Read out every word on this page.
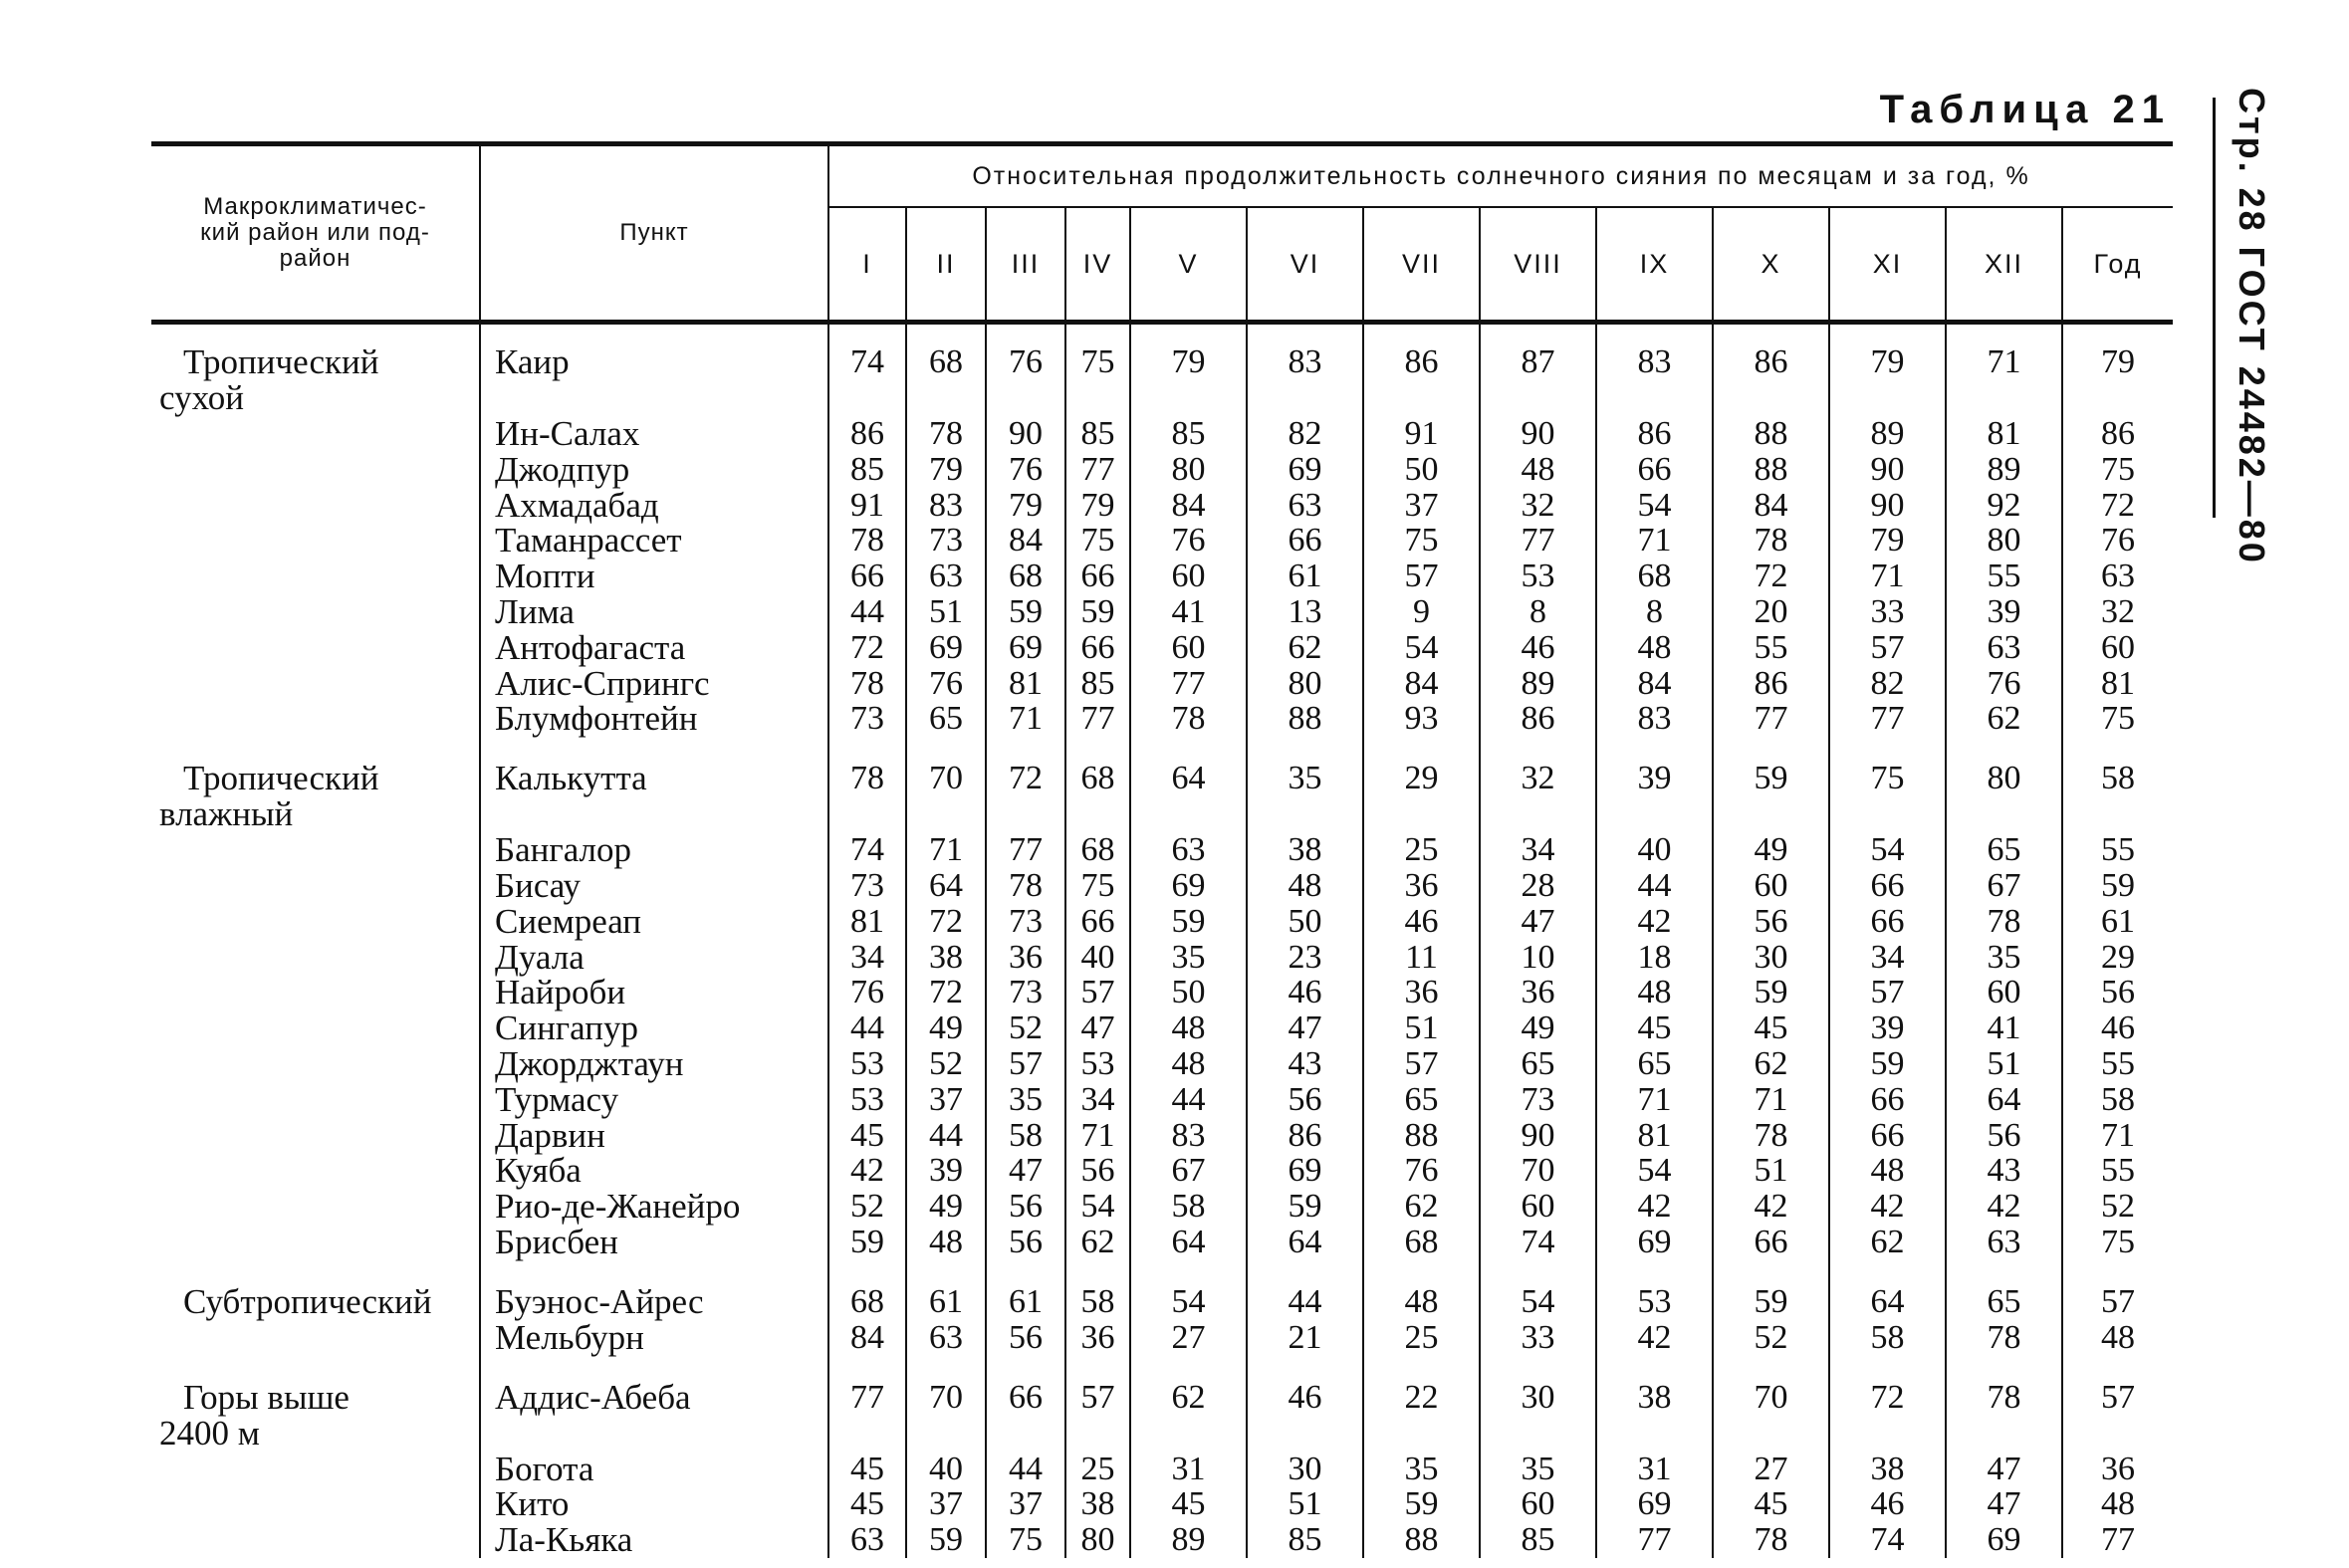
Таблица 21 Стр. 28 ГОСТ 24482—80
Макроклиматичес-
кий район или под-
район	Пункт	Относительная продолжительность солнечного сияния по месяцам и за год, %												
		I	II	III	IV	V	VI	VII	VIII	IX	X	XI	XII	Год

Тропический
сухой	Каир	74	68	76	75	79	83	86	87	83	86	79	71	79
	Ин-Салах	86	78	90	85	85	82	91	90	86	88	89	81	86
	Джодпур	85	79	76	77	80	69	50	48	66	88	90	89	75
	Ахмадабад	91	83	79	79	84	63	37	32	54	84	90	92	72
	Таманрассет	78	73	84	75	76	66	75	77	71	78	79	80	76
	Мопти	66	63	68	66	60	61	57	53	68	72	71	55	63
	Лима	44	51	59	59	41	13	9	8	8	20	33	39	32
	Антофагаста	72	69	69	66	60	62	54	46	48	55	57	63	60
	Алис-Спрингс	78	76	81	85	77	80	84	89	84	86	82	76	81
	Блумфонтейн	73	65	71	77	78	88	93	86	83	77	77	62	75

Тропический
влажный	Калькутта	78	70	72	68	64	35	29	32	39	59	75	80	58
	Бангалор	74	71	77	68	63	38	25	34	40	49	54	65	55
	Бисау	73	64	78	75	69	48	36	28	44	60	66	67	59
	Сиемреап	81	72	73	66	59	50	46	47	42	56	66	78	61
	Дуала	34	38	36	40	35	23	11	10	18	30	34	35	29
	Найроби	76	72	73	57	50	46	36	36	48	59	57	60	56
	Сингапур	44	49	52	47	48	47	51	49	45	45	39	41	46
	Джорджтаун	53	52	57	53	48	43	57	65	65	62	59	51	55
	Турмасу	53	37	35	34	44	56	65	73	71	71	66	64	58
	Дарвин	45	44	58	71	83	86	88	90	81	78	66	56	71
	Куяба	42	39	47	56	67	69	76	70	54	51	48	43	55
	Рио-де-Жанейро	52	49	56	54	58	59	62	60	42	42	42	42	52
	Брисбен	59	48	56	62	64	64	68	74	69	66	62	63	75

Субтропический	Буэнос-Айрес	68	61	61	58	54	44	48	54	53	59	64	65	57
	Мельбурн	84	63	56	36	27	21	25	33	42	52	58	78	48

Горы выше
2400 м	Аддис-Абеба	77	70	66	57	62	46	22	30	38	70	72	78	57
	Богота	45	40	44	25	31	30	35	35	31	27	38	47	36
	Кито	45	37	37	38	45	51	59	60	69	45	46	47	48
	Ла-Кьяка	63	59	75	80	89	85	88	85	77	78	74	69	77
